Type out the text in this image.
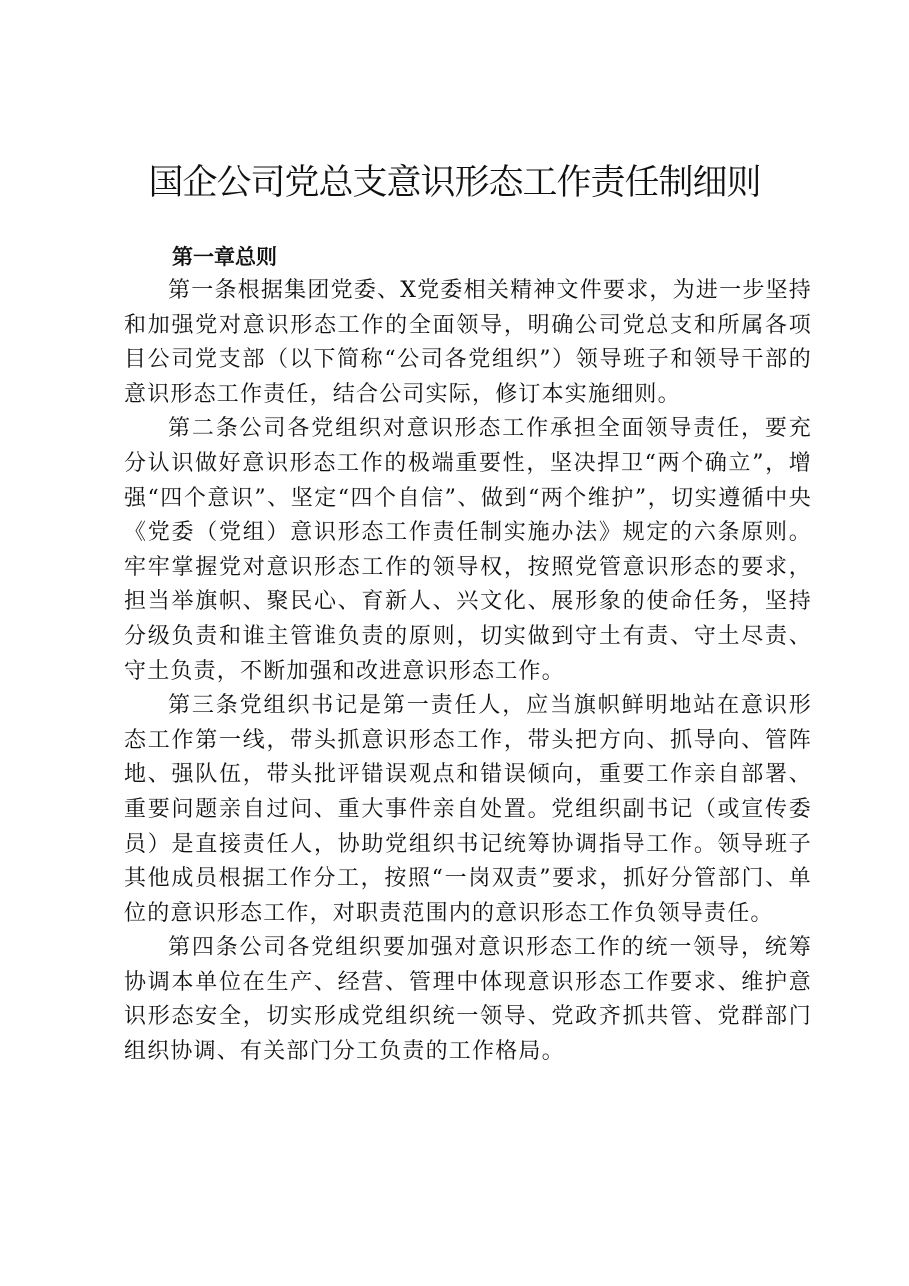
国企公司党总支意识形态工作责任制细则
第一章总则

第一条根据集团党委、X党委相关精神文件要求，为进一步坚持和加强党对意识形态工作的全面领导，明确公司党总支和所属各项目公司党支部（以下简称“公司各党组织”）领导班子和领导干部的意识形态工作责任，结合公司实际，修订本实施细则。

第二条公司各党组织对意识形态工作承担全面领导责任，要充分认识做好意识形态工作的极端重要性，坚决捍卫“两个确立”，增强“四个意识”、坚定“四个自信”、做到“两个维护”，切实遵循中央《党委（党组）意识形态工作责任制实施办法》规定的六条原则。牢牢掌握党对意识形态工作的领导权，按照党管意识形态的要求，担当举旗帜、聚民心、育新人、兴文化、展形象的使命任务，坚持分级负责和谁主管谁负责的原则，切实做到守土有责、守土尽责、守土负责，不断加强和改进意识形态工作。

第三条党组织书记是第一责任人，应当旗帜鲜明地站在意识形态工作第一线，带头抓意识形态工作，带头把方向、抓导向、管阵地、强队伍，带头批评错误观点和错误倾向，重要工作亲自部署、重要问题亲自过问、重大事件亲自处置。党组织副书记（或宣传委员）是直接责任人，协助党组织书记统筹协调指导工作。领导班子其他成员根据工作分工，按照“一岗双责”要求，抓好分管部门、单位的意识形态工作，对职责范围内的意识形态工作负领导责任。

第四条公司各党组织要加强对意识形态工作的统一领导，统筹协调本单位在生产、经营、管理中体现意识形态工作要求、维护意识形态安全，切实形成党组织统一领导、党政齐抓共管、党群部门组织协调、有关部门分工负责的工作格局。
